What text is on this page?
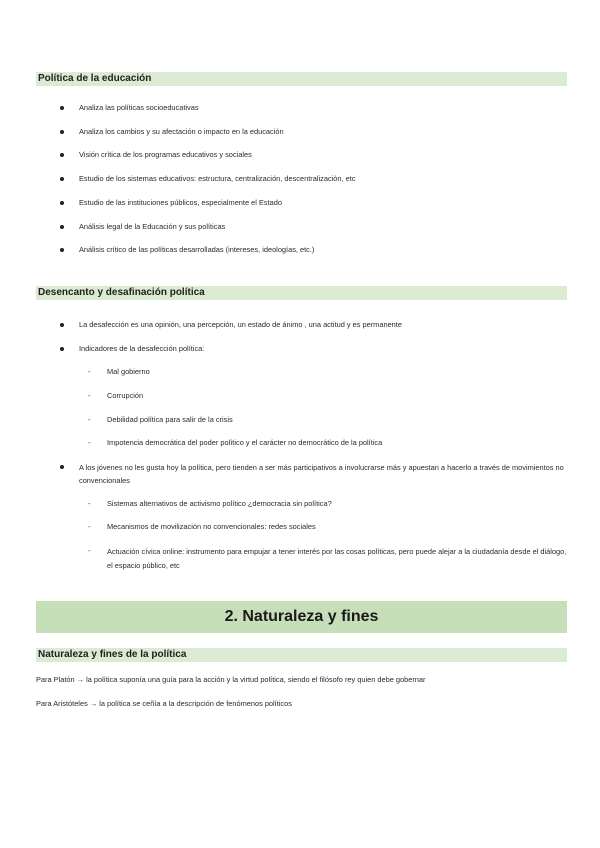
Política de la educación
Analiza las políticas socioeducativas
Analiza los cambios y su afectación o impacto en la educación
Visión crítica de los programas educativos y sociales
Estudio de los sistemas educativos: estructura, centralización, descentralización, etc
Estudio de las instituciones públicos, especialmente el Estado
Análisis legal de la Educación y sus políticas
Análisis crítico de las políticas desarrolladas (intereses, ideologías, etc.)
Desencanto y desafinación política
La desafección es una opinión, una percepción, un estado de ánimo , una actitud y es permanente
Indicadores de la desafección política:
- Mal gobierno
- Corrupción
- Debilidad política para salir de la crisis
- Impotencia democrática del poder político y el carácter no democrático de la política
A los jóvenes no les gusta hoy la política, pero tienden a ser más participativos a involucrarse más y apuestan a hacerlo a través de movimientos no convencionales
- Sistemas alternativos de activismo político ¿democracia sin política?
- Mecanismos de movilización no convencionales: redes sociales
- Actuación cívica online: instrumento para empujar a tener interés por las cosas políticas, pero puede alejar a la ciudadanía desde el diálogo, el espacio público, etc
2. Naturaleza y fines
Naturaleza y fines de la política
Para Platón → la política suponía una guía para la acción y la virtud política, siendo el filósofo rey quien debe gobernar
Para Aristóteles → la política se ceñía a la descripción de fenómenos políticos
